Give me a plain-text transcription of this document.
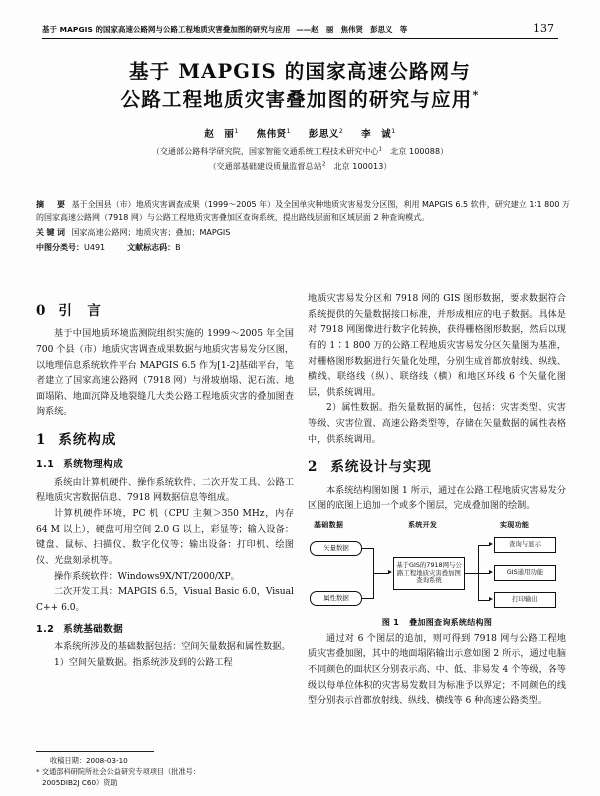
基于 MAPGIS 的国家高速公路网与公路工程地质灾害叠加图的研究与应用 ——赵　丽　焦伟贤　彭思义　等	137
基于 MAPGIS 的国家高速公路网与
公路工程地质灾害叠加图的研究与应用*
赵　丽$^1$ 焦伟贤$^1$ 彭思义$^2$ 李　诚$^1$
（交通部公路科学研究院，国家智能交通系统工程技术研究中心$^1$ 北京 100088）
（交通部基础建设质量监督总站$^2$ 北京 100013）
摘　要 基于全国县（市）地质灾害调查成果（1999～2005 年）及全国单灾种地质灾害易发分区图，利用 MAPGIS 6.5 软件，研究建立 1∶1 800 万的国家高速公路网（7918 网）与公路工程地质灾害叠加区查询系统，提出路线层面和区域层面 2 种查询模式。
关键词 国家高速公路网；地质灾害；叠加；MAPGIS
中图分类号：U491	文献标志码：B
0 引　言

基于中国地质环境监测院组织实施的 1999～2005 年全国 700 个县（市）地质灾害调查成果数据与地质灾害易发分区图，以地理信息系统软件平台 MAPGIS 6.5 作为[1-2]基础平台，笔者建立了国家高速公路网（7918 网）与滑坡崩塌、泥石流、地面塌陷、地面沉降及地裂缝几大类公路工程地质灾害的叠加图查询系统。

1 系统构成
1.1 系统物理构成

系统由计算机硬件、操作系统软件、二次开发工具、公路工程地质灾害数据信息、7918 网数据信息等组成。

计算机硬件环境，PC 机（CPU 主频＞350 MHz，内存 64 M 以上），硬盘可用空间 2.0 G 以上，彩显等；输入设备：键盘、鼠标、扫描仪、数字化仪等；输出设备：打印机、绘图仪、光盘刻录机等。

操作系统软件：Windows9X/NT/2000/XP。

二次开发工具：MAPGIS 6.5，Visual Basic 6.0，Visual C++ 6.0。

1.2 系统基础数据

本系统所涉及的基础数据包括：空间矢量数据和属性数据。

1）空间矢量数据。指系统涉及到的公路工程

地质灾害易发分区和 7918 网的 GIS 图形数据，要求数据符合系统提供的矢量数据接口标准，并形成相应的电子数据。具体是对 7918 网图像进行数字化转换，获得栅格图形数据，然后以现有的 1∶1 800 万的公路工程地质灾害易发分区矢量图为基准，对栅格图形数据进行矢量化处理，分别生成首都放射线、纵线、横线、联络线（纵）、联络线（横）和地区环线 6 个矢量化图层，供系统调用。

2）属性数据。指矢量数据的属性，包括：灾害类型、灾害等级、灾害位置、高速公路类型等，存储在矢量数据的属性表格中，供系统调用。

2 系统设计与实现

本系统结构图如图 1 所示，通过在公路工程地质灾害易发分区图的底图上追加一个或多个图层，完成叠加图的绘制。

基础数据	系统开发	实现功能
矢量数据
属性数据
基于GIS的7918网与公路工程地质灾害叠加图查询系统
查询与显示
GIS通用功能
打印输出
图 1 叠加图查询系统结构图

通过对 6 个图层的追加，则可得到 7918 网与公路工程地质灾害叠加图，其中的地面塌陷输出示意如图 2 所示，通过电脑不同颜色的面状区分别表示高、中、低、非易发 4 个等级，各等级以每单位体积的灾害易发数目为标准予以界定；不同颜色的线型分别表示首都放射线、纵线、横线等 6 种高速公路类型。

收稿日期：2008-03-10
* 交通部科研院所社会公益研究专项项目（批准号：
2005DIB2J C60）资助
